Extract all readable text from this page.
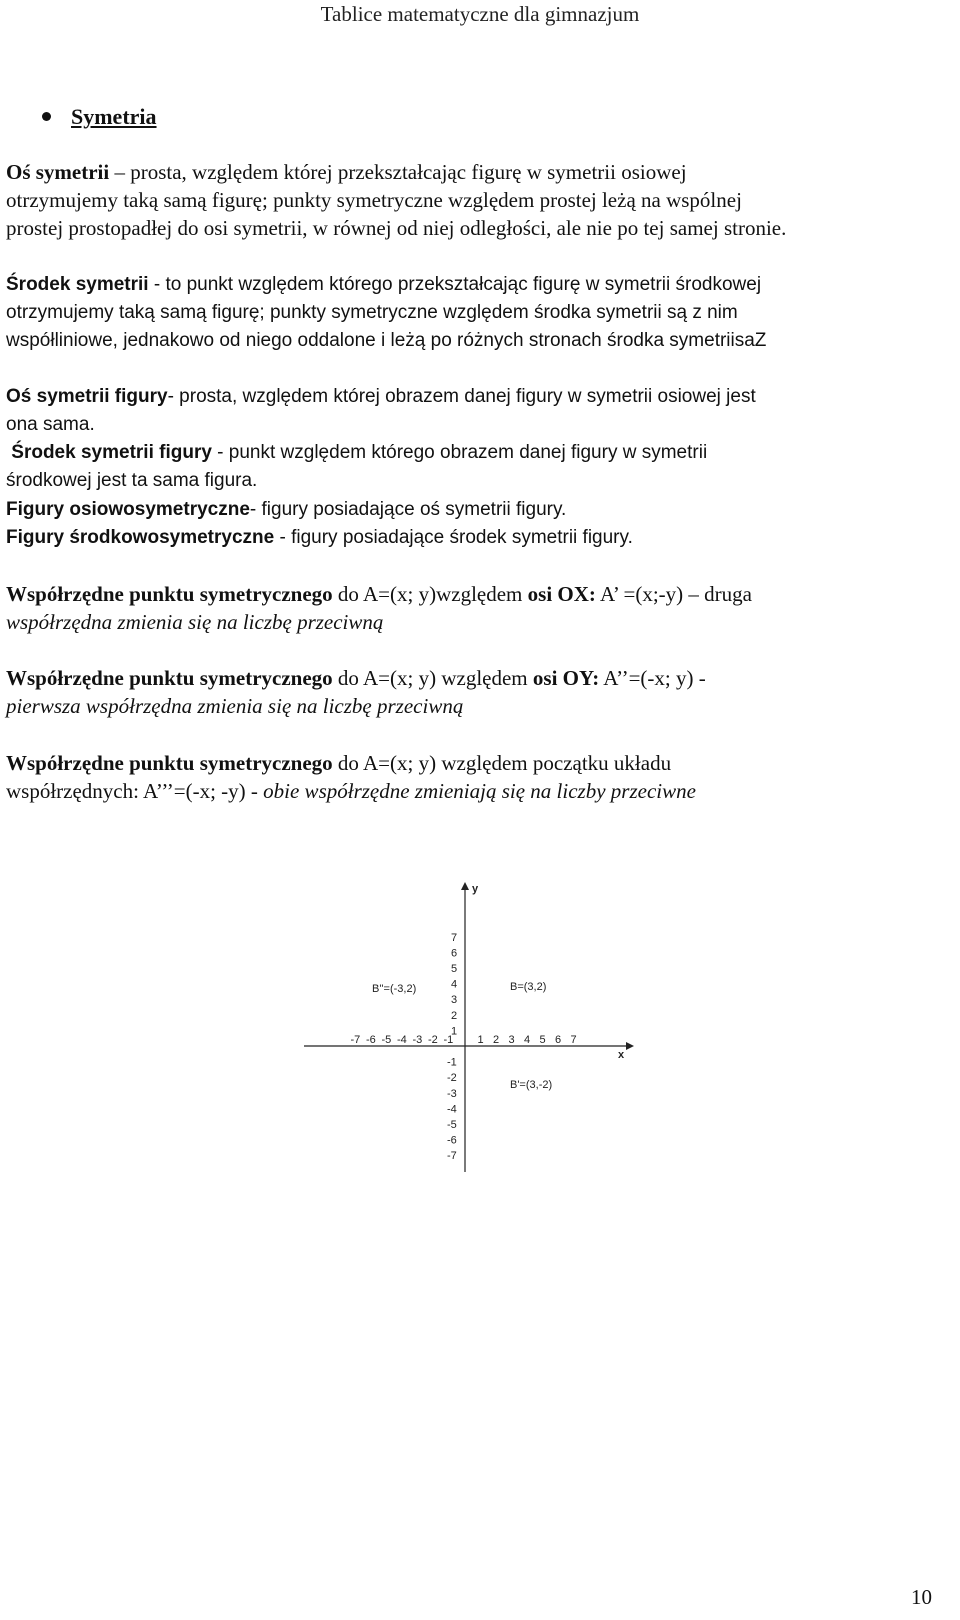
Tablice matematyczne dla gimnazjum
Symetria
Oś symetrii – prosta, względem której przekształcając figurę w symetrii osiowej
otrzymujemy taką samą figurę; punkty symetryczne względem prostej leżą na wspólnej
prostej prostopadłej do osi symetrii, w równej od niej odległości, ale nie po tej samej stronie.
Środek symetrii - to punkt względem którego przekształcając figurę w symetrii środkowej
otrzymujemy taką samą figurę; punkty symetryczne względem środka symetrii są z nim
współliniowe, jednakowo od niego oddalone i leżą po różnych stronach środka symetriisaZ
Oś symetrii figury- prosta, względem której obrazem danej figury w symetrii osiowej jest
ona sama.
Środek symetrii figury - punkt względem którego obrazem danej figury w symetrii
środkowej jest ta sama figura.
Figury osiowosymetryczne- figury posiadające oś symetrii figury.
Figury środkowosymetryczne - figury posiadające środek symetrii figury.
Współrzędne punktu symetrycznego do A=(x; y)względem osi OX: A’ =(x;-y) – druga
współrzędna zmienia się na liczbę przeciwną
Współrzędne punktu symetrycznego do A=(x; y) względem osi OY: A’’=(-x; y) -
pierwsza współrzędna zmienia się na liczbę przeciwną
Współrzędne punktu symetrycznego do A=(x; y) względem początku układu
współrzędnych: A’’’=(-x; -y) - obie współrzędne zmieniają się na liczby przeciwne
x
y
-7 -6 -5 -4 -3 -2 -1 1 2 3 4 5 6 7
7
6
5
4
3
2
1
-1
-2
-3
-4
-5
-6
-7
B=(3,2)
B''=(-3,2)
B'=(3,-2)
10
